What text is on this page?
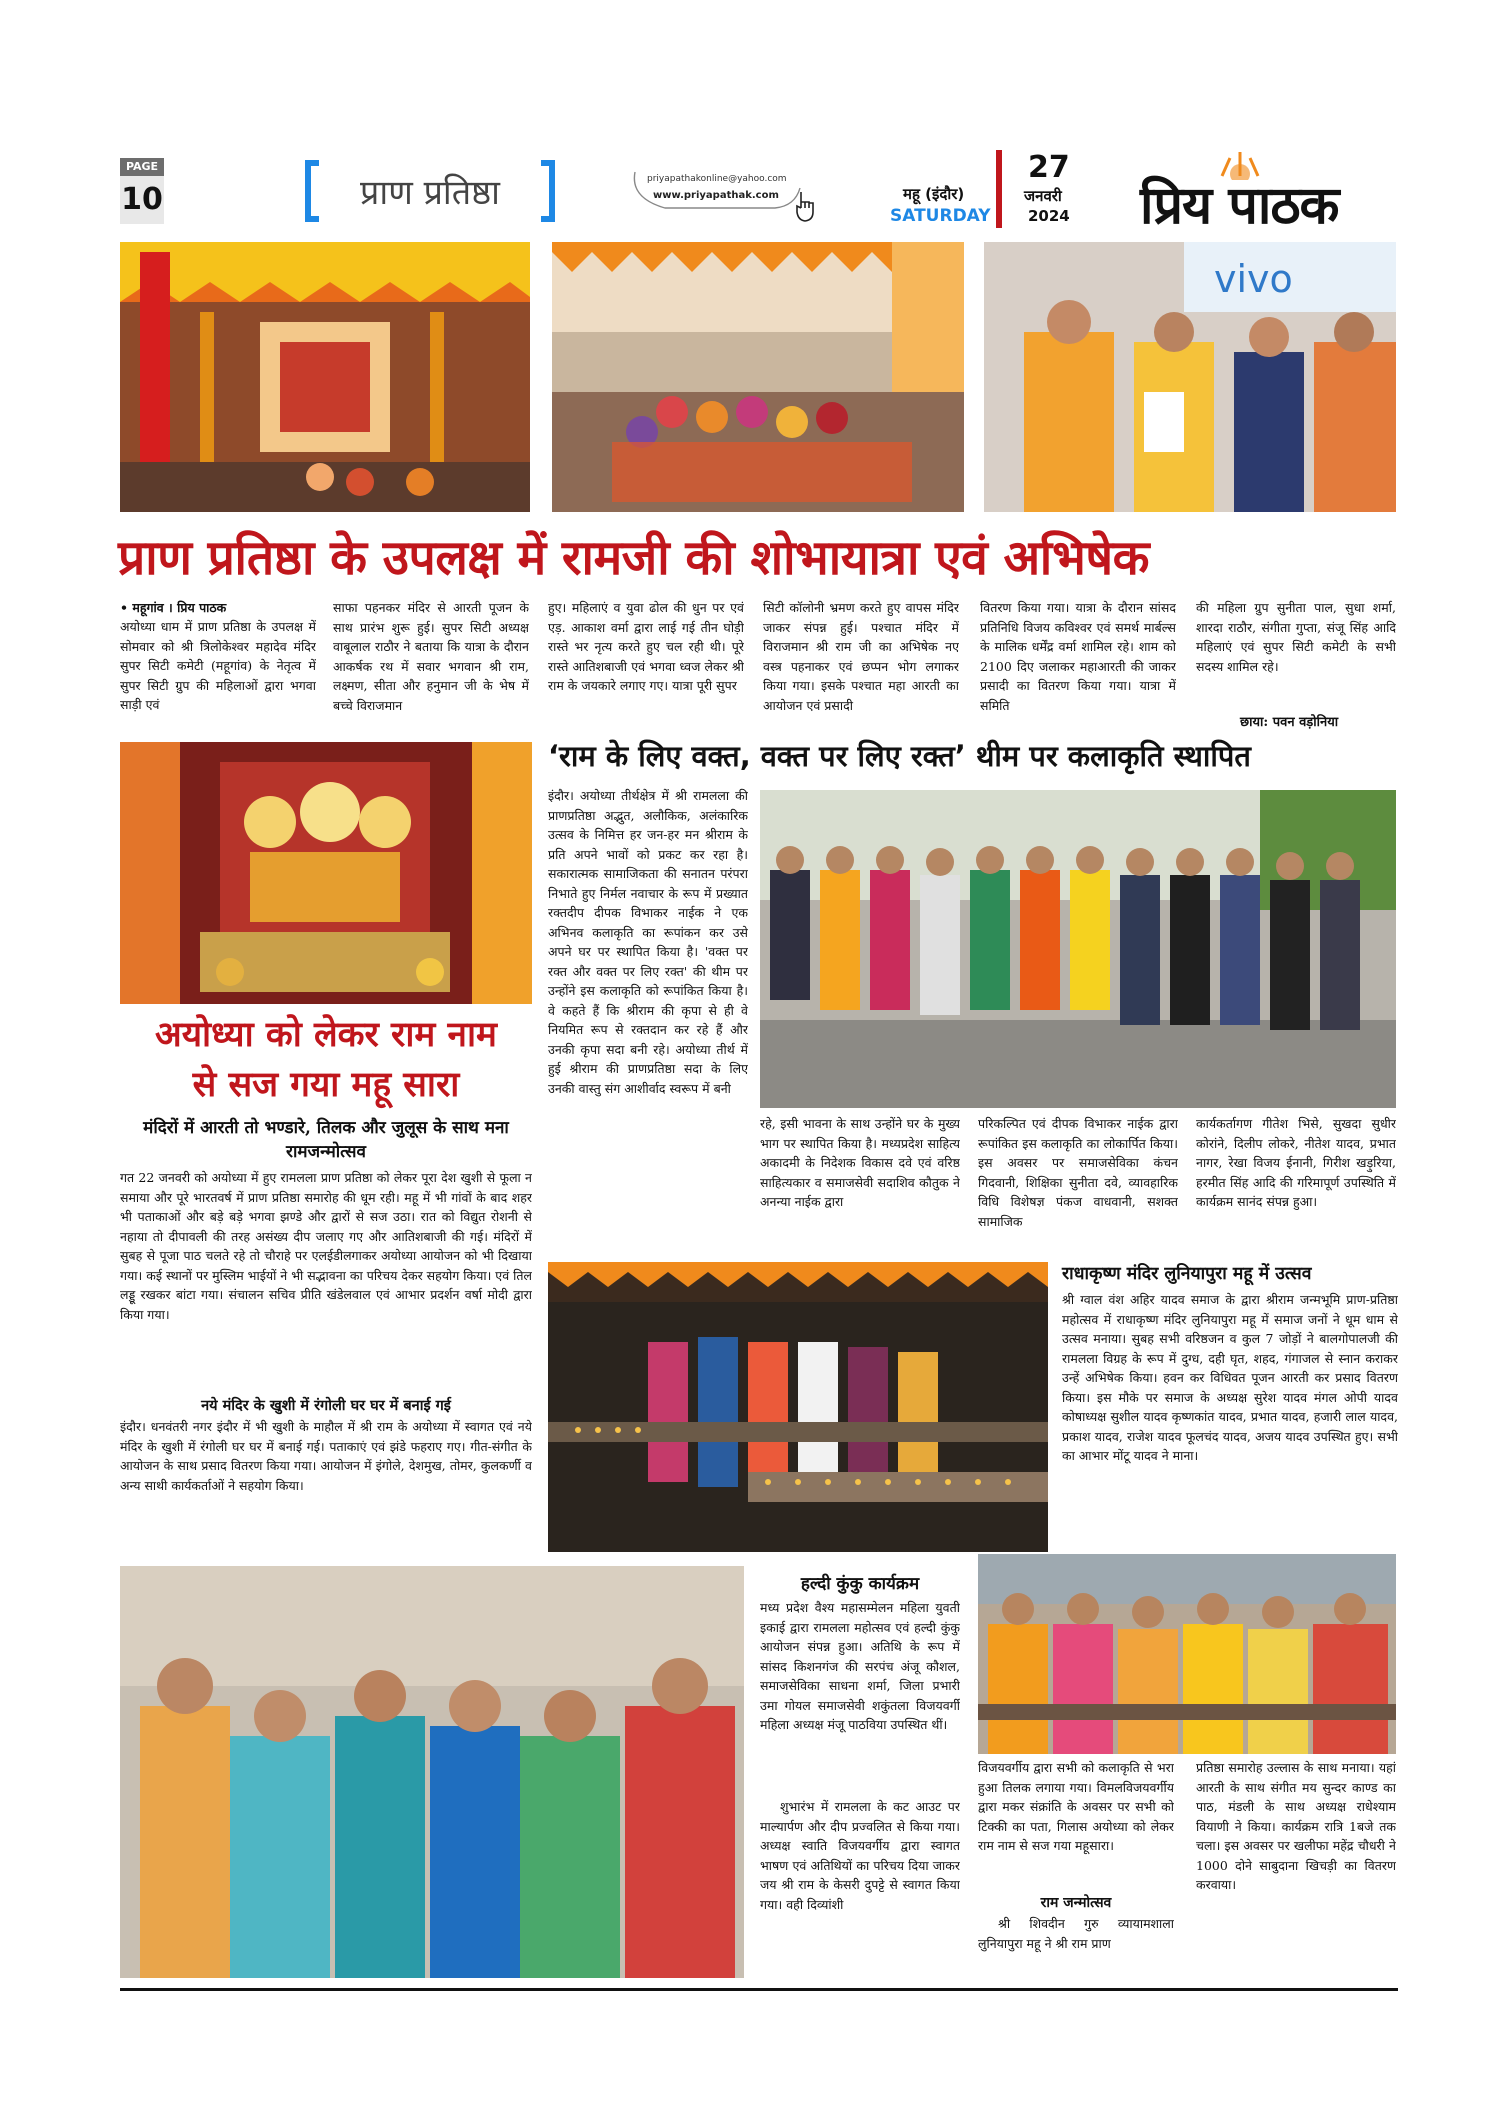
PAGE
10	प्राण प्रतिष्ठा	priyapathakonline@yahoo.com
www.priyapathak.com	महू (इंदौर)
SATURDAY
27
जनवरी
2024 प्रिय पाठक
vivo
प्राण प्रतिष्ठा के उपलक्ष में रामजी की शोभायात्रा एवं अभिषेक
• महूगांव । प्रिय पाठक
अयोध्या धाम में प्राण प्रतिष्ठा के उपलक्ष में सोमवार को श्री त्रिलोकेश्वर महादेव मंदिर सुपर सिटी कमेटी (महूगांव) के नेतृत्व में सुपर सिटी ग्रुप की महिलाओं द्वारा भगवा साड़ी एवं
साफा पहनकर मंदिर से आरती पूजन के साथ प्रारंभ शुरू हुई। सुपर सिटी अध्यक्ष वाबूलाल राठौर ने बताया कि यात्रा के दौरान आकर्षक रथ में सवार भगवान श्री राम, लक्ष्मण, सीता और हनुमान जी के भेष में बच्चे विराजमान
हुए। महिलाएं व युवा ढोल की धुन पर एवं एड़. आकाश वर्मा द्वारा लाई गई तीन घोड़ी रास्ते भर नृत्य करते हुए चल रही थी। पूरे रास्ते आतिशबाजी एवं भगवा ध्वज लेकर श्री राम के जयकारे लगाए गए। यात्रा पूरी सुपर
सिटी कॉलोनी भ्रमण करते हुए वापस मंदिर जाकर संपन्न हुई। पश्चात मंदिर में विराजमान श्री राम जी का अभिषेक नए वस्त्र पहनाकर एवं छप्पन भोग लगाकर किया गया। इसके पश्चात महा आरती का आयोजन एवं प्रसादी
वितरण किया गया। यात्रा के दौरान सांसद प्रतिनिधि विजय कविश्वर एवं समर्थ मार्बल्स के मालिक धर्मेंद्र वर्मा शामिल रहे। शाम को 2100 दिए जलाकर महाआरती की जाकर प्रसादी का वितरण किया गया। यात्रा में समिति
की महिला ग्रुप सुनीता पाल, सुधा शर्मा, शारदा राठौर, संगीता गुप्ता, संजू सिंह आदि महिलाएं एवं सुपर सिटी कमेटी के सभी सदस्य शामिल रहे।
छाया: पवन वड़ोनिया
अयोध्या को लेकर राम नाम
से सज गया महू सारा
मंदिरों में आरती तो भण्डारे, तिलक और जुलूस के साथ मना रामजन्मोत्सव
गत 22 जनवरी को अयोध्या में हुए रामलला प्राण प्रतिष्ठा को लेकर पूरा देश खुशी से फूला न समाया और पूरे भारतवर्ष में प्राण प्रतिष्ठा समारोह की धूम रही। महू में भी गांवों के बाद शहर भी पताकाओं और बड़े बड़े भगवा झण्डे और द्वारों से सज उठा। रात को विद्युत रोशनी से नहाया तो दीपावली की तरह असंख्य दीप जलाए गए और आतिशबाजी की गई। मंदिरों में सुबह से पूजा पाठ चलते रहे तो चौराहे पर एलईडीलगाकर अयोध्या आयोजन को भी दिखाया गया। कई स्थानों पर मुस्लिम भाईयों ने भी सद्भावना का परिचय देकर सहयोग किया। एवं तिल लड्डू रखकर बांटा गया। संचालन सचिव प्रीति खंडेलवाल एवं आभार प्रदर्शन वर्षा मोदी द्वारा किया गया।
नये मंदिर के खुशी में रंगोली घर घर में बनाई गई
इंदौर। धनवंतरी नगर इंदौर में भी खुशी के माहौल में श्री राम के अयोध्या में स्वागत एवं नये मंदिर के खुशी में रंगोली घर घर में बनाई गई। पताकाएं एवं झंडे फहराए गए। गीत-संगीत के आयोजन के साथ प्रसाद वितरण किया गया। आयोजन में इंगोले, देशमुख, तोमर, कुलकर्णी व अन्य साथी कार्यकर्ताओं ने सहयोग किया।
‘राम के लिए वक्त, वक्त पर लिए रक्त’ थीम पर कलाकृति स्थापित
इंदौर। अयोध्या तीर्थक्षेत्र में श्री रामलला की प्राणप्रतिष्ठा अद्भुत, अलौकिक, अलंकारिक उत्सव के निमित्त हर जन-हर मन श्रीराम के प्रति अपने भावों को प्रकट कर रहा है। सकारात्मक सामाजिकता की सनातन परंपरा निभाते हुए निर्मल नवाचार के रूप में प्रख्यात रक्तदीप दीपक विभाकर नाईक ने एक अभिनव कलाकृति का रूपांकन कर उसे अपने घर पर स्थापित किया है। 'वक्त पर रक्त और वक्त पर लिए रक्त' की थीम पर उन्होंने इस कलाकृति को रूपांकित किया है। वे कहते हैं कि श्रीराम की कृपा से ही वे नियमित रूप से रक्तदान कर रहे हैं और उनकी कृपा सदा बनी रहे। अयोध्या तीर्थ में हुई श्रीराम की प्राणप्रतिष्ठा सदा के लिए उनकी वास्तु संग आशीर्वाद स्वरूप में बनी
रहे, इसी भावना के साथ उन्होंने घर के मुख्य भाग पर स्थापित किया है। मध्यप्रदेश साहित्य अकादमी के निदेशक विकास दवे एवं वरिष्ठ साहित्यकार व समाजसेवी सदाशिव कौतुक ने अनन्या नाईक द्वारा
परिकल्पित एवं दीपक विभाकर नाईक द्वारा रूपांकित इस कलाकृति का लोकार्पित किया। इस अवसर पर समाजसेविका कंचन गिदवानी, शिक्षिका सुनीता दवे, व्यावहारिक विधि विशेषज्ञ पंकज वाधवानी, सशक्त सामाजिक
कार्यकर्तागण गीतेश भिसे, सुखदा सुधीर कोरांने, दिलीप लोकरे, नीतेश यादव, प्रभात नागर, रेखा विजय ईनानी, गिरीश खड़ुरिया, हरमीत सिंह आदि की गरिमापूर्ण उपस्थिति में कार्यक्रम सानंद संपन्न हुआ।
राधाकृष्ण मंदिर लुनियापुरा महू में उत्सव
श्री ग्वाल वंश अहिर यादव समाज के द्वारा श्रीराम जन्मभूमि प्राण-प्रतिष्ठा महोत्सव में राधाकृष्ण मंदिर लुनियापुरा महू में समाज जनों ने धूम धाम से उत्सव मनाया। सुबह सभी वरिष्ठजन व कुल 7 जोड़ों ने बालगोपालजी की रामलला विग्रह के रूप में दुग्ध, दही घृत, शहद, गंगाजल से स्नान कराकर उन्हें अभिषेक किया। हवन कर विधिवत पूजन आरती कर प्रसाद वितरण किया। इस मौके पर समाज के अध्यक्ष सुरेश यादव मंगल ओपी यादव कोषाध्यक्ष सुशील यादव कृष्णकांत यादव, प्रभात यादव, हजारी लाल यादव, प्रकाश यादव, राजेश यादव फूलचंद यादव, अजय यादव उपस्थित हुए। सभी का आभार मोंटू यादव ने माना।
हल्दी कुंकु कार्यक्रम
मध्य प्रदेश वैश्य महासम्मेलन महिला युवती इकाई द्वारा रामलला महोत्सव एवं हल्दी कुंकु आयोजन संपन्न हुआ। अतिथि के रूप में सांसद किशनगंज की सरपंच अंजू कौशल, समाजसेविका साधना शर्मा, जिला प्रभारी उमा गोयल समाजसेवी शकुंतला विजयवर्गी महिला अध्यक्ष मंजू पाठविया उपस्थित थीं।
शुभारंभ में रामलला के कट आउट पर माल्यार्पण और दीप प्रज्वलित से किया गया। अध्यक्ष स्वाति विजयवर्गीय द्वारा स्वागत भाषण एवं अतिथियों का परिचय दिया जाकर जय श्री राम के केसरी दुपट्टे से स्वागत किया गया। वही दिव्यांशी
विजयवर्गीय द्वारा सभी को कलाकृति से भरा हुआ तिलक लगाया गया। विमलविजयवर्गीय द्वारा मकर संक्रांति के अवसर पर सभी को टिक्की का पता, गिलास अयोध्या को लेकर राम नाम से सज गया महूसारा।
राम जन्मोत्सव
श्री शिवदीन गुरु व्यायामशाला लुनियापुरा महू ने श्री राम प्राण
प्रतिष्ठा समारोह उल्लास के साथ मनाया। यहां आरती के साथ संगीत मय सुन्दर काण्ड का पाठ, मंडली के साथ अध्यक्ष राधेश्याम वियाणी ने किया। कार्यक्रम रात्रि 1बजे तक चला। इस अवसर पर खलीफा महेंद्र चौधरी ने 1000 दोने साबुदाना खिचड़ी का वितरण करवाया।
